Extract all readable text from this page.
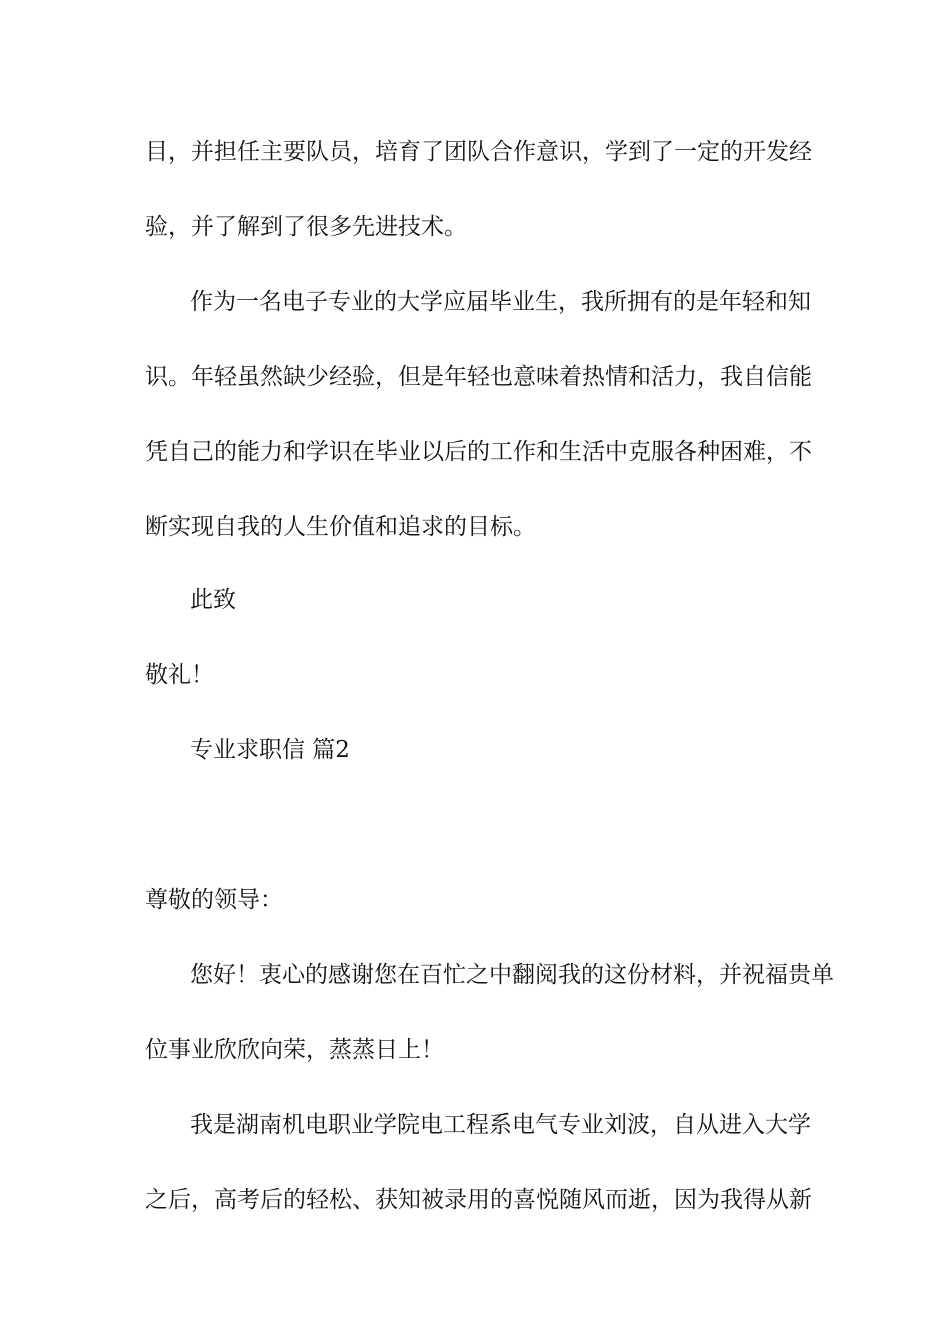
目，并担任主要队员，培育了团队合作意识，学到了一定的开发经
验，并了解到了很多先进技术。
作为一名电子专业的大学应届毕业生，我所拥有的是年轻和知
识。年轻虽然缺少经验，但是年轻也意味着热情和活力，我自信能
凭自己的能力和学识在毕业以后的工作和生活中克服各种困难，不
断实现自我的人生价值和追求的目标。
此致
敬礼！
专业求职信 篇2
尊敬的领导：
您好！衷心的感谢您在百忙之中翻阅我的这份材料，并祝福贵单
位事业欣欣向荣，蒸蒸日上！
我是湖南机电职业学院电工程系电气专业刘波，自从进入大学
之后，高考后的轻松、获知被录用的喜悦随风而逝，因为我得从新
